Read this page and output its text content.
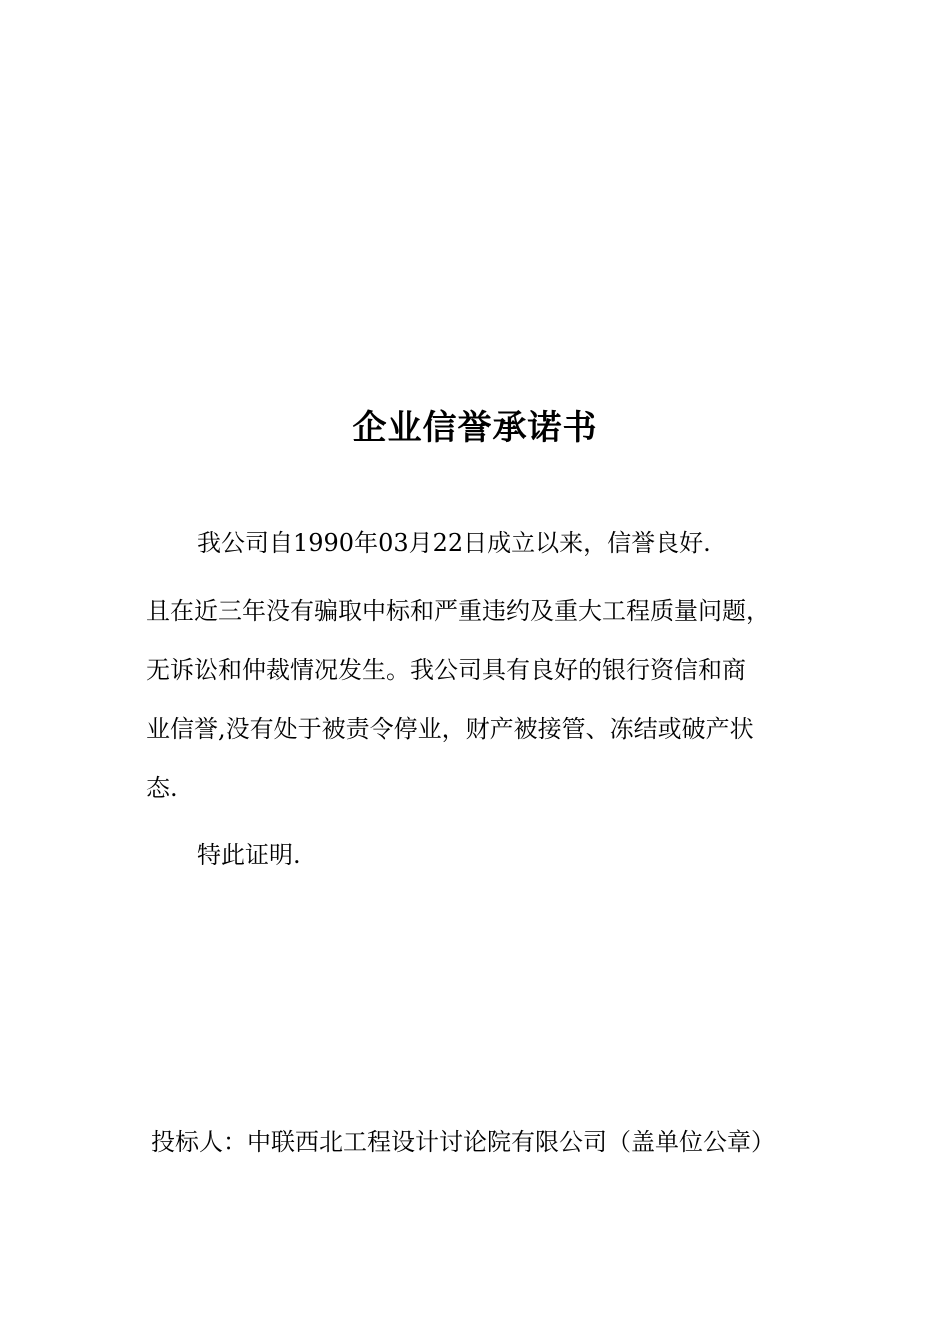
企业信誉承诺书

我公司自1990年03月22日成立以来，信誉良好.

且在近三年没有骗取中标和严重违约及重大工程质量问题，
无诉讼和仲裁情况发生。我公司具有良好的银行资信和商
业信誉,没有处于被责令停业，财产被接管、冻结或破产状
态.

特此证明.

投标人：中联西北工程设计讨论院有限公司（盖单位公章）
